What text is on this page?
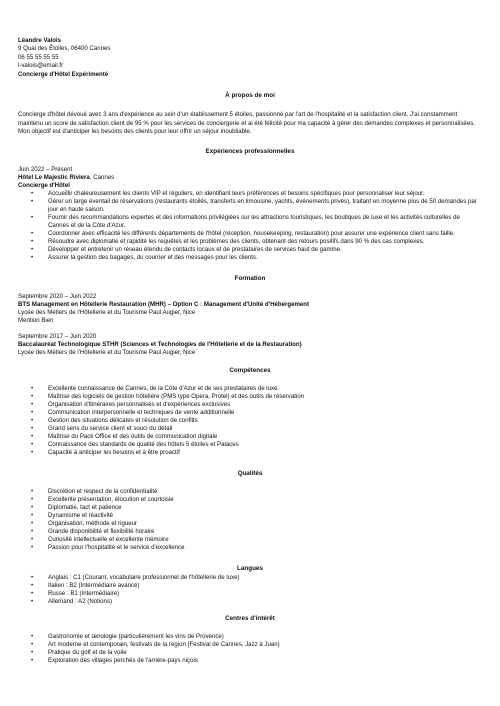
Léandre Valois
9 Quai des Étoiles, 06400 Cannes
06 55 55 55 55
l-valois@email.fr
Concierge d'Hôtel Expérimenté
À propos de moi

Concierge d'hôtel dévoué avec 3 ans d'expérience au sein d'un établissement 5 étoiles, passionné par l'art de l'hospitalité et la satisfaction client. J'ai constamment maintenu un score de satisfaction client de 95 % pour les services de conciergerie et ai été félicité pour ma capacité à gérer des demandes complexes et personnalisées. Mon objectif est d'anticiper les besoins des clients pour leur offrir un séjour inoubliable.

Expériences professionnelles
Juin 2022 – Présent
Hôtel Le Majestic Riviera, Cannes
Concierge d'Hôtel
• Accueillir chaleureusement les clients VIP et réguliers, en identifiant leurs préférences et besoins spécifiques pour personnaliser leur séjour.
• Gérer un large éventail de réservations (restaurants étoilés, transferts en limousine, yachts, événements privés), traitant en moyenne plus de 50 demandes par jour en haute saison.
• Fournir des recommandations expertes et des informations privilégiées sur les attractions touristiques, les boutiques de luxe et les activités culturelles de Cannes et de la Côte d'Azur.
• Coordonner avec efficacité les différents départements de l'hôtel (réception, housekeeping, restauration) pour assurer une expérience client sans faille.
• Résoudre avec diplomatie et rapidité les requêtes et les problèmes des clients, obtenant des retours positifs dans 90 % des cas complexes.
• Développer et entretenir un réseau étendu de contacts locaux et de prestataires de services haut de gamme.
• Assurer la gestion des bagages, du courrier et des messages pour les clients.
Formation
Septembre 2020 – Juin 2022
BTS Management en Hôtellerie Restauration (MHR) – Option C : Management d'Unité d'Hébergement
Lycée des Métiers de l'Hôtellerie et du Tourisme Paul Augier, Nice
Mention Bien
Septembre 2017 – Juin 2020
Baccalauréat Technologique STHR (Sciences et Technologies de l'Hôtellerie et de la Restauration)
Lycée des Métiers de l'Hôtellerie et du Tourisme Paul Augier, Nice
Compétences
• Excellente connaissance de Cannes, de la Côte d'Azur et de ses prestataires de luxe
• Maîtrise des logiciels de gestion hôtelière (PMS type Opera, Protel) et des outils de réservation
• Organisation d'itinéraires personnalisés et d'expériences exclusives
• Communication interpersonnelle et techniques de vente additionnelle
• Gestion des situations délicates et résolution de conflits
• Grand sens du service client et souci du détail
• Maîtrise du Pack Office et des outils de communication digitale
• Connaissance des standards de qualité des hôtels 5 étoiles et Palaces
• Capacité à anticiper les besoins et à être proactif
Qualités
• Discrétion et respect de la confidentialité
• Excellente présentation, élocution et courtoisie
• Diplomatie, tact et patience
• Dynamisme et réactivité
• Organisation, méthode et rigueur
• Grande disponibilité et flexibilité horaire
• Curiosité intellectuelle et excellente mémoire
• Passion pour l'hospitalité et le service d'excellence
Langues
• Anglais : C1 (Courant, vocabulaire professionnel de l'hôtellerie de luxe)
• Italien : B2 (Intermédiaire avancé)
• Russe : B1 (Intermédiaire)
• Allemand : A2 (Notions)
Centres d'intérêt
• Gastronomie et œnologie (particulièrement les vins de Provence)
• Art moderne et contemporain, festivals de la région (Festival de Cannes, Jazz à Juan)
• Pratique du golf et de la voile
• Exploration des villages perchés de l'arrière-pays niçois
